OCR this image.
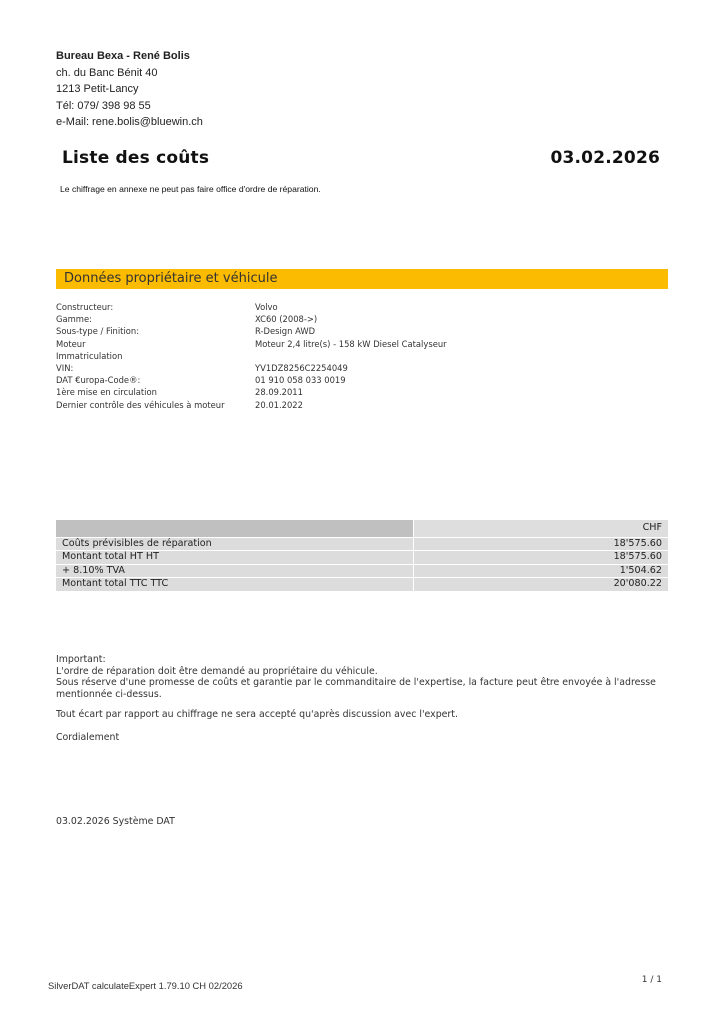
Bureau Bexa - René Bolis
ch. du Banc Bénit 40
1213 Petit-Lancy
Tél: 079/ 398 98 55
e-Mail: rene.bolis@bluewin.ch
Liste des coûts	03.02.2026
Le chiffrage en annexe ne peut pas faire office d'ordre de réparation.
Données propriétaire et véhicule
Constructeur:	Volvo
Gamme:	XC60 (2008->)
Sous-type / Finition:	R-Design AWD
Moteur	Moteur 2,4 litre(s) - 158 kW Diesel Catalyseur
Immatriculation
VIN:	YV1DZ8256C2254049
DAT €uropa-Code®:	01 910 058 033 0019
1ère mise en circulation	28.09.2011
Dernier contrôle des véhicules à moteur	20.01.2022
	CHF
Coûts prévisibles de réparation	18'575.60
Montant total HT HT	18'575.60
+ 8.10% TVA	1'504.62
Montant total TTC TTC	20'080.22

Important:

L'ordre de réparation doit être demandé au propriétaire du véhicule.

Sous réserve d'une promesse de coûts et garantie par le commanditaire de l'expertise, la facture peut être envoyée à l'adresse mentionnée ci-dessus.

Tout écart par rapport au chiffrage ne sera accepté qu'après discussion avec l'expert.

Cordialement

03.02.2026 Système DAT
1 / 1
SilverDAT calculateExpert 1.79.10 CH 02/2026
